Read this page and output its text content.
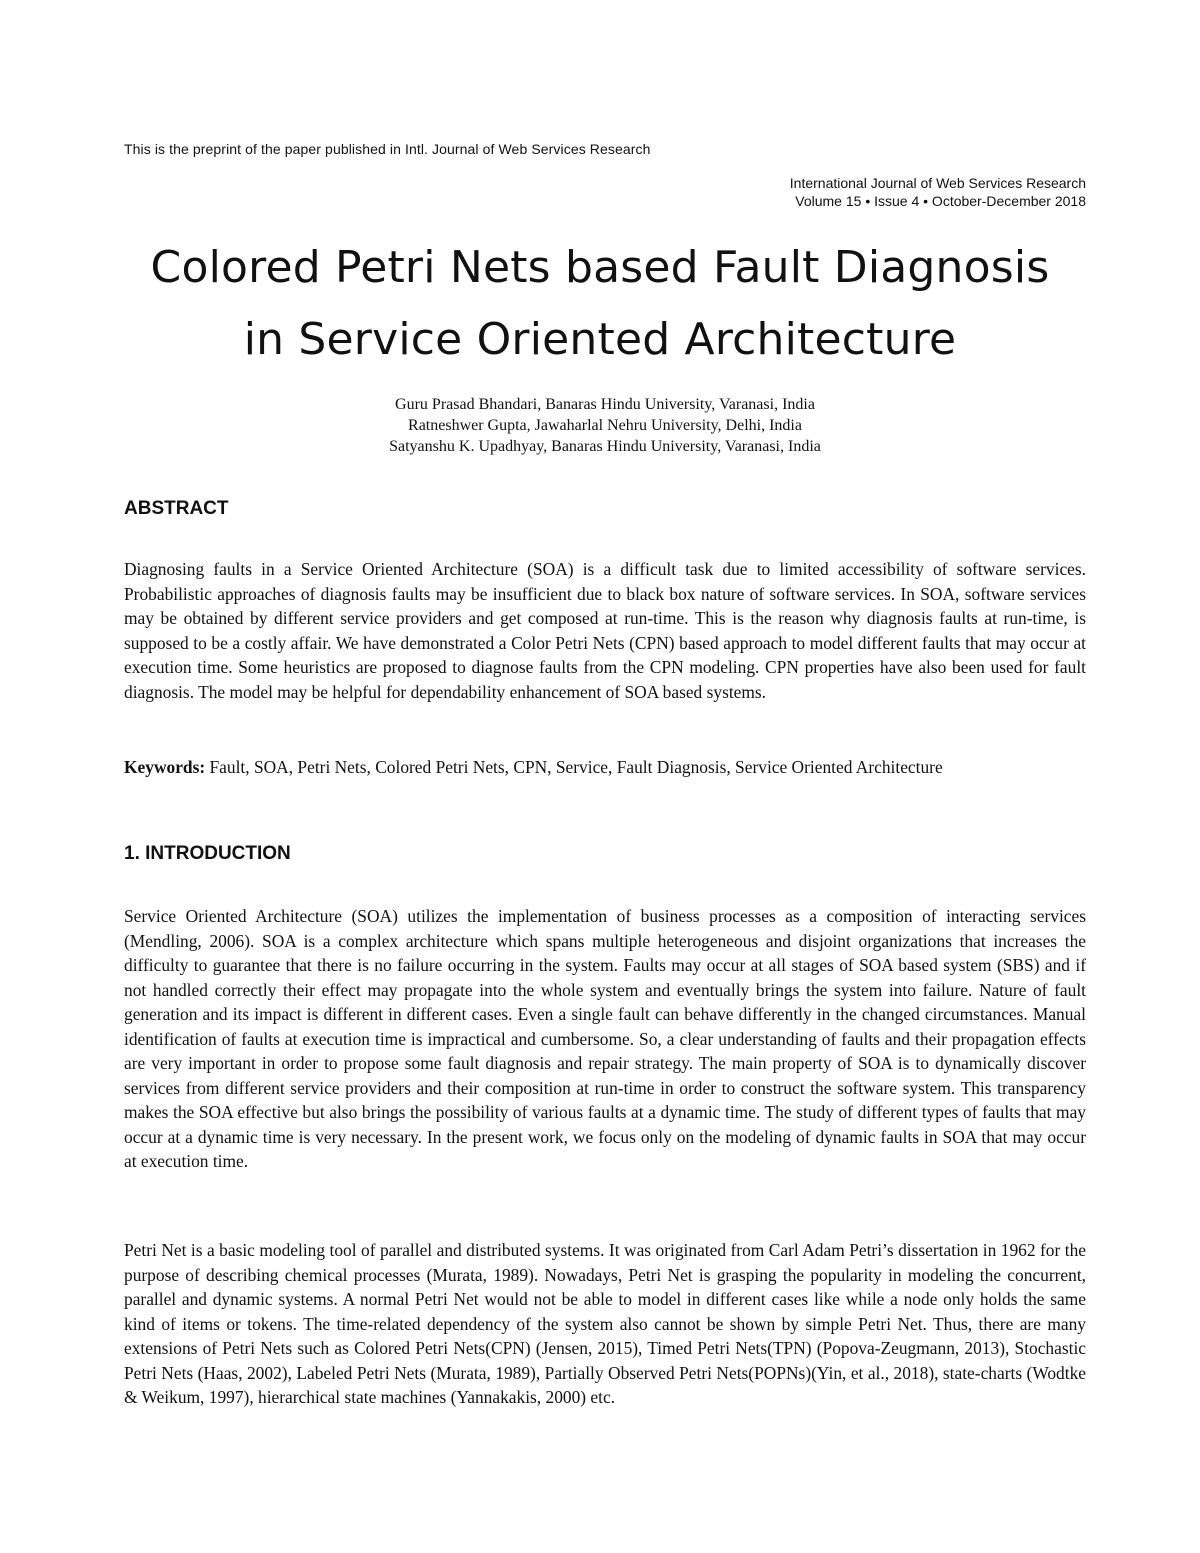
This is the preprint of the paper published in Intl. Journal of Web Services Research
International Journal of Web Services Research
Volume 15 • Issue 4 • October-December 2018
Colored Petri Nets based Fault Diagnosis
in Service Oriented Architecture
Guru Prasad Bhandari, Banaras Hindu University, Varanasi, India
Ratneshwer Gupta, Jawaharlal Nehru University, Delhi, India
Satyanshu K. Upadhyay, Banaras Hindu University, Varanasi, India
ABSTRACT

Diagnosing faults in a Service Oriented Architecture (SOA) is a difficult task due to limited accessibility of software services. Probabilistic approaches of diagnosis faults may be insufficient due to black box nature of software services. In SOA, software services may be obtained by different service providers and get composed at run-time. This is the reason why diagnosis faults at run-time, is supposed to be a costly affair. We have demonstrated a Color Petri Nets (CPN) based approach to model different faults that may occur at execution time. Some heuristics are proposed to diagnose faults from the CPN modeling. CPN properties have also been used for fault diagnosis. The model may be helpful for dependability enhancement of SOA based systems.

Keywords: Fault, SOA, Petri Nets, Colored Petri Nets, CPN, Service, Fault Diagnosis, Service Oriented Architecture

1. INTRODUCTION

Service Oriented Architecture (SOA) utilizes the implementation of business processes as a composition of interacting services (Mendling, 2006). SOA is a complex architecture which spans multiple heterogeneous and disjoint organizations that increases the difficulty to guarantee that there is no failure occurring in the system. Faults may occur at all stages of SOA based system (SBS) and if not handled correctly their effect may propagate into the whole system and eventually brings the system into failure. Nature of fault generation and its impact is different in different cases. Even a single fault can behave differently in the changed circumstances. Manual identification of faults at execution time is impractical and cumbersome. So, a clear understanding of faults and their propagation effects are very important in order to propose some fault diagnosis and repair strategy. The main property of SOA is to dynamically discover services from different service providers and their composition at run-time in order to construct the software system. This transparency makes the SOA effective but also brings the possibility of various faults at a dynamic time. The study of different types of faults that may occur at a dynamic time is very necessary. In the present work, we focus only on the modeling of dynamic faults in SOA that may occur at execution time.

Petri Net is a basic modeling tool of parallel and distributed systems. It was originated from Carl Adam Petri’s dissertation in 1962 for the purpose of describing chemical processes (Murata, 1989). Nowadays, Petri Net is grasping the popularity in modeling the concurrent, parallel and dynamic systems. A normal Petri Net would not be able to model in different cases like while a node only holds the same kind of items or tokens. The time-related dependency of the system also cannot be shown by simple Petri Net. Thus, there are many extensions of Petri Nets such as Colored Petri Nets(CPN) (Jensen, 2015), Timed Petri Nets(TPN) (Popova-Zeugmann, 2013), Stochastic Petri Nets (Haas, 2002), Labeled Petri Nets (Murata, 1989), Partially Observed Petri Nets(POPNs)(Yin, et al., 2018), state-charts (Wodtke & Weikum, 1997), hierarchical state machines (Yannakakis, 2000) etc.
